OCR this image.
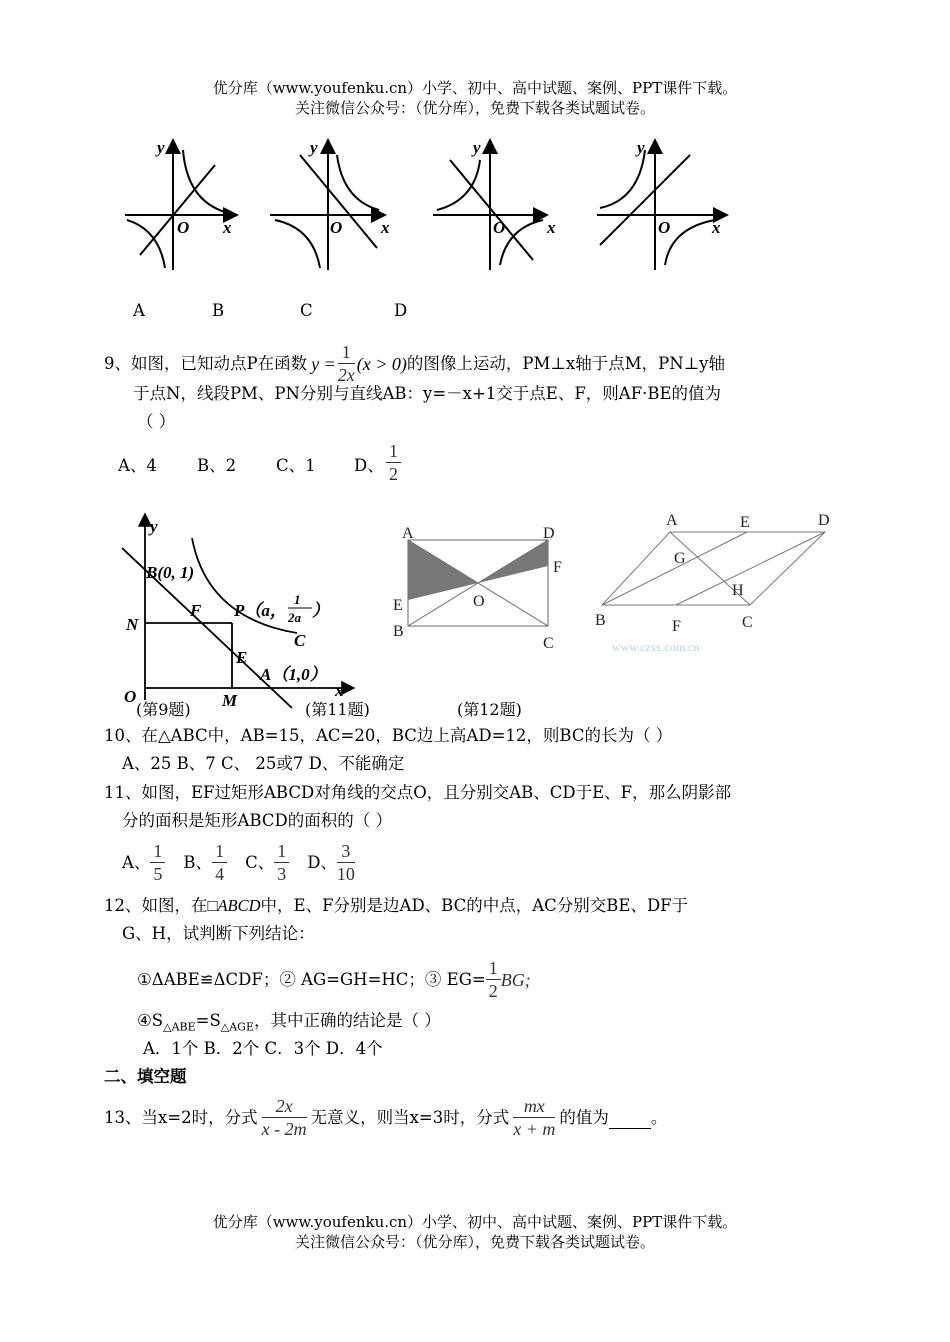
优分库（www.youfenku.cn）小学、初中、高中试题、案例、PPT课件下载。
关注微信公众号：（优分库），免费下载各类试题试卷。
y
O x
y
O x
y
O x
y
O x
A	B	C	D
9、如图，已知动点P在函数 $y = \frac{1}{2x} (x > 0)$ 的图像上运动，PM⊥x轴于点M，PN⊥y轴
于点N，线段PM、PN分别与直线AB：y=－x+1交于点E、F，则AF·BE的值为
（ ）
A、4 B、2 C、1 D、 $\frac{1}{2}$
y
x
O
B(0, 1)
N
F P（a，
C
E
A（1,0）
M
1
2a ）
A	D
F
O
E
B
C
A	E	D
G
H
B	F	C
www.czsx.com.cn
(第9题)	(第11题)	(第12题)
10、在△ABC中，AB=15，AC=20，BC边上高AD=12，则BC的长为（ ）
A、25 B、7 C、 25或7 D、不能确定
11、如图，EF过矩形ABCD对角线的交点O，且分别交AB、CD于E、F，那么阴影部
分的面积是矩形ABCD的面积的（ ）
A、 $\frac{1}{5}$ B、 $\frac{1}{4}$ C、 $\frac{1}{3}$ D、 $\frac{3}{10}$
12、如图，在□ABCD中，E、F分别是边AD、BC的中点，AC分别交BE、DF于
G、H，试判断下列结论：
①ΔABE≌ΔCDF；② AG=GH=HC；③ $EG= \frac{1}{2}$ BG;
$④S_{\triangle ABE}=S_{\triangle AGE}$，其中正确的结论是（ ）
A．1个 B．2个 C．3个 D．4个
二、填空题
13、当x=2时，分式 $\frac{2x}{x - 2m}$ 无意义，则当x=3时，分式 $\frac{mx}{x + m}$ 的值为
	。
优分库（www.youfenku.cn）小学、初中、高中试题、案例、PPT课件下载。
关注微信公众号：（优分库），免费下载各类试题试卷。
